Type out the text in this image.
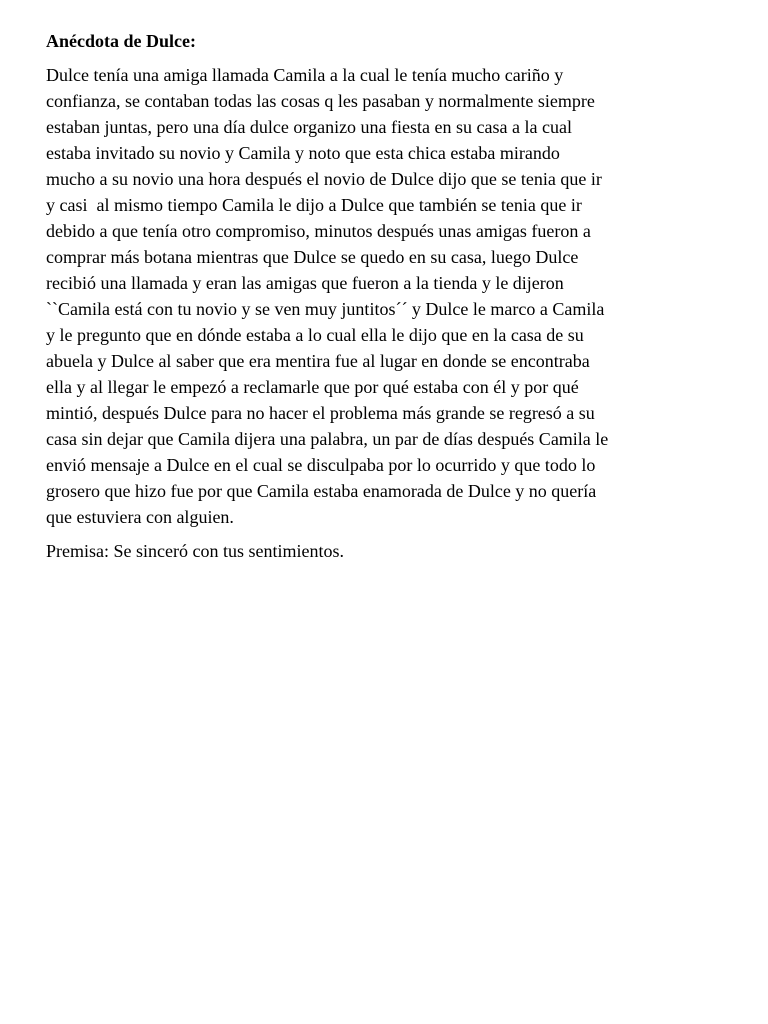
Anécdota de Dulce:
Dulce tenía una amiga llamada Camila a la cual le tenía mucho cariño y
confianza, se contaban todas las cosas q les pasaban y normalmente siempre
estaban juntas, pero una día dulce organizo una fiesta en su casa a la cual
estaba invitado su novio y Camila y noto que esta chica estaba mirando
mucho a su novio una hora después el novio de Dulce dijo que se tenia que ir
y casi  al mismo tiempo Camila le dijo a Dulce que también se tenia que ir
debido a que tenía otro compromiso, minutos después unas amigas fueron a
comprar más botana mientras que Dulce se quedo en su casa, luego Dulce
recibió una llamada y eran las amigas que fueron a la tienda y le dijeron
``Camila está con tu novio y se ven muy juntitos´´ y Dulce le marco a Camila
y le pregunto que en dónde estaba a lo cual ella le dijo que en la casa de su
abuela y Dulce al saber que era mentira fue al lugar en donde se encontraba
ella y al llegar le empezó a reclamarle que por qué estaba con él y por qué
mintió, después Dulce para no hacer el problema más grande se regresó a su
casa sin dejar que Camila dijera una palabra, un par de días después Camila le
envió mensaje a Dulce en el cual se disculpaba por lo ocurrido y que todo lo
grosero que hizo fue por que Camila estaba enamorada de Dulce y no quería
que estuviera con alguien.
Premisa: Se sinceró con tus sentimientos.
